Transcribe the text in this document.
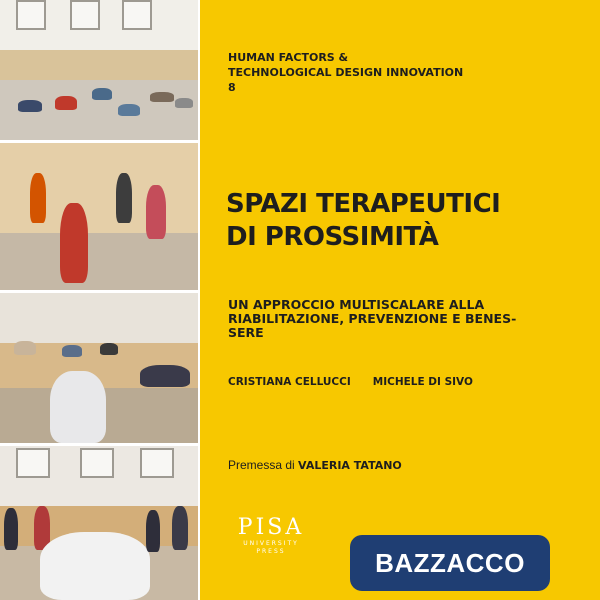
HUMAN FACTORS &
TECHNOLOGICAL DESIGN INNOVATION
8
SPAZI TERAPEUTICI
DI PROSSIMITÀ
UN APPROCCIO MULTISCALARE ALLA
RIABILITAZIONE, PREVENZIONE E BENES-
SERE
CRISTIANA CELLUCCI MICHELE DI SIVO
Premessa di VALERIA TATANO
PISA
UNIVERSITY
PRESS	BAZZACCO
